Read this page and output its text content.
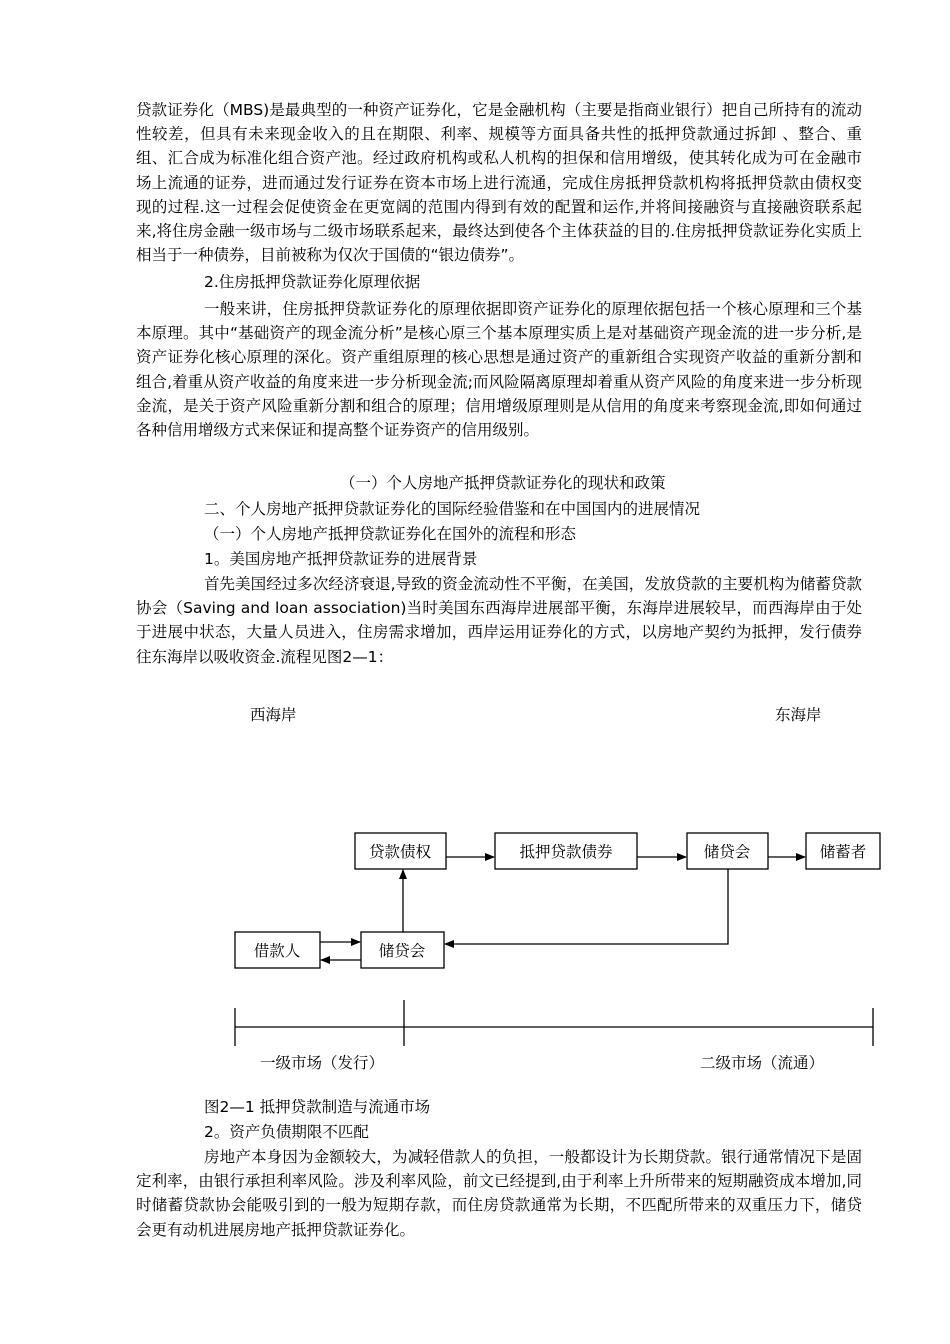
贷款证券化（MBS)是最典型的一种资产证券化，它是金融机构（主要是指商业银行）把自己所持有的流动性较差，但具有未来现金收入的且在期限、利率、规模等方面具备共性的抵押贷款通过拆卸 、整合、重组、汇合成为标准化组合资产池。经过政府机构或私人机构的担保和信用增级，使其转化成为可在金融市场上流通的证券，进而通过发行证券在资本市场上进行流通，完成住房抵押贷款机构将抵押贷款由债权变现的过程.这一过程会促使资金在更宽阔的范围内得到有效的配置和运作,并将间接融资与直接融资联系起来,将住房金融一级市场与二级市场联系起来，最终达到使各个主体获益的目的.住房抵押贷款证券化实质上相当于一种债券，目前被称为仅次于国债的“银边债券”。

2.住房抵押贷款证券化原理依据

一般来讲，住房抵押贷款证券化的原理依据即资产证券化的原理依据包括一个核心原理和三个基本原理。其中“基础资产的现金流分析”是核心原三个基本原理实质上是对基础资产现金流的进一步分析,是资产证券化核心原理的深化。资产重组原理的核心思想是通过资产的重新组合实现资产收益的重新分割和组合,着重从资产收益的角度来进一步分析现金流;而风险隔离原理却着重从资产风险的角度来进一步分析现金流，是关于资产风险重新分割和组合的原理；信用增级原理则是从信用的角度来考察现金流,即如何通过各种信用增级方式来保证和提高整个证券资产的信用级别。

（一）个人房地产抵押贷款证券化的现状和政策
二、个人房地产抵押贷款证券化的国际经验借鉴和在中国国内的进展情况
（一）个人房地产抵押贷款证券化在国外的流程和形态
1。美国房地产抵押贷款证券的进展背景

首先美国经过多次经济衰退,导致的资金流动性不平衡，在美国，发放贷款的主要机构为储蓄贷款协会（Saving and loan association)当时美国东西海岸进展部平衡，东海岸进展较早，而西海岸由于处于进展中状态，大量人员进入，住房需求增加，西岸运用证券化的方式，以房地产契约为抵押，发行债券往东海岸以吸收资金.流程见图2—1：

西海岸	东海岸
贷款债权	抵押贷款债券	储贷会	储蓄者
借款人	储贷会
一级市场（发行）	二级市场（流通）
图2—1 抵押贷款制造与流通市场
2。资产负债期限不匹配

房地产本身因为金额较大，为减轻借款人的负担，一般都设计为长期贷款。银行通常情况下是固定利率，由银行承担利率风险。涉及利率风险，前文已经提到,由于利率上升所带来的短期融资成本增加,同时储蓄贷款协会能吸引到的一般为短期存款，而住房贷款通常为长期，不匹配所带来的双重压力下，储贷会更有动机进展房地产抵押贷款证券化。
